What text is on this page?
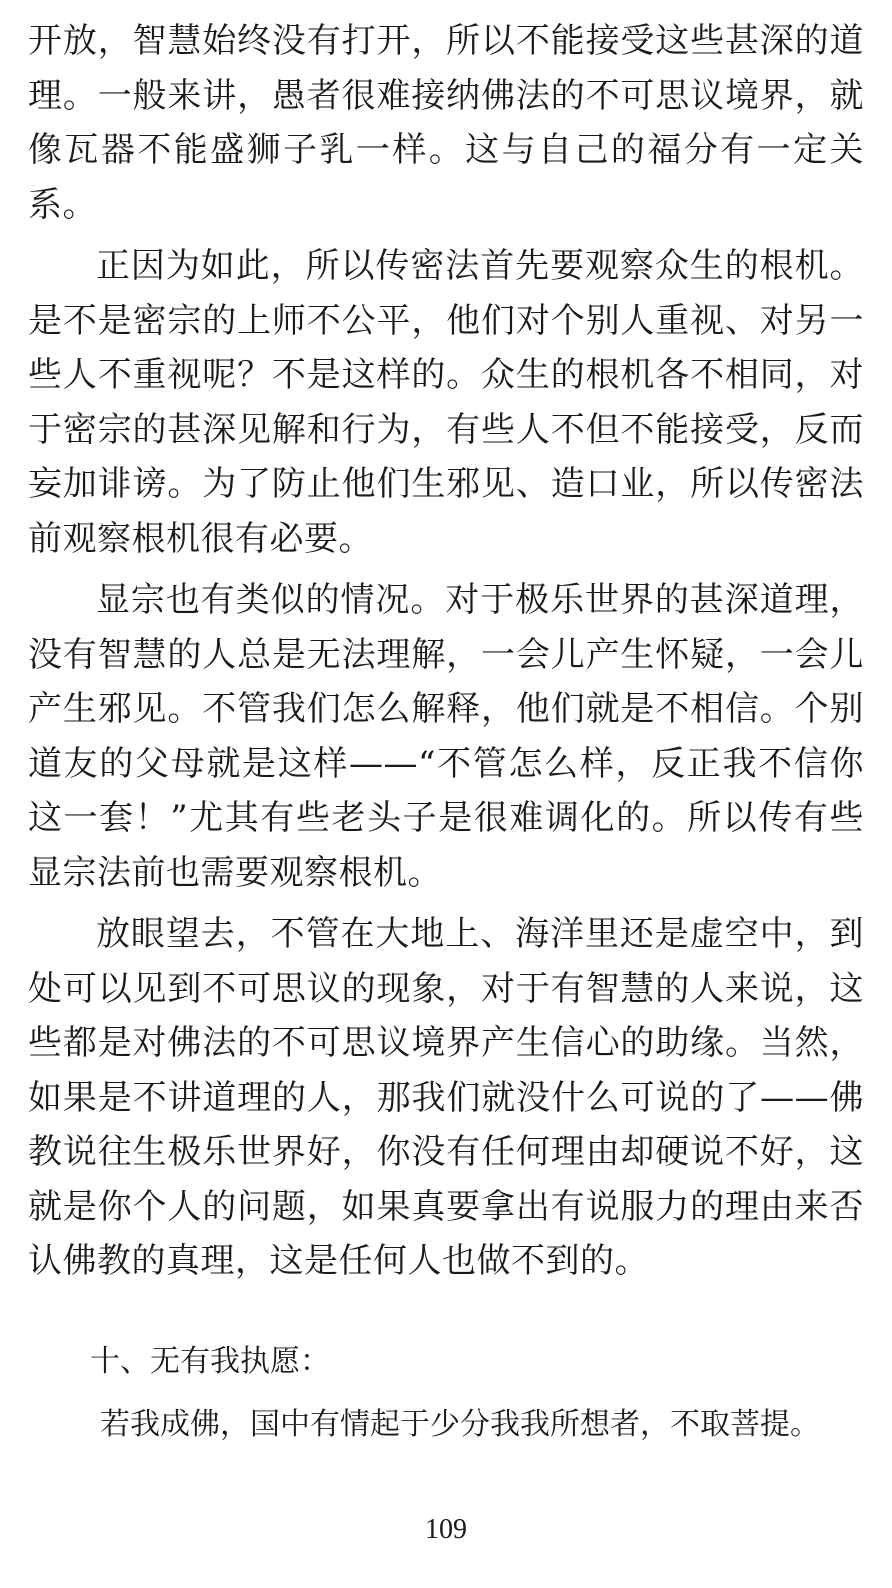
开放，智慧始终没有打开，所以不能接受这些甚深的道理。一般来讲，愚者很难接纳佛法的不可思议境界，就像瓦器不能盛狮子乳一样。这与自己的福分有一定关系。

正因为如此，所以传密法首先要观察众生的根机。是不是密宗的上师不公平，他们对个别人重视、对另一些人不重视呢？不是这样的。众生的根机各不相同，对于密宗的甚深见解和行为，有些人不但不能接受，反而妄加诽谤。为了防止他们生邪见、造口业，所以传密法前观察根机很有必要。

显宗也有类似的情况。对于极乐世界的甚深道理，没有智慧的人总是无法理解，一会儿产生怀疑，一会儿产生邪见。不管我们怎么解释，他们就是不相信。个别道友的父母就是这样——“不管怎么样，反正我不信你这一套！”尤其有些老头子是很难调化的。所以传有些显宗法前也需要观察根机。

放眼望去，不管在大地上、海洋里还是虚空中，到处可以见到不可思议的现象，对于有智慧的人来说，这些都是对佛法的不可思议境界产生信心的助缘。当然，如果是不讲道理的人，那我们就没什么可说的了——佛教说往生极乐世界好，你没有任何理由却硬说不好，这就是你个人的问题，如果真要拿出有说服力的理由来否认佛教的真理，这是任何人也做不到的。

十、无有我执愿：

若我成佛，国中有情起于少分我我所想者，不取菩提。

109
